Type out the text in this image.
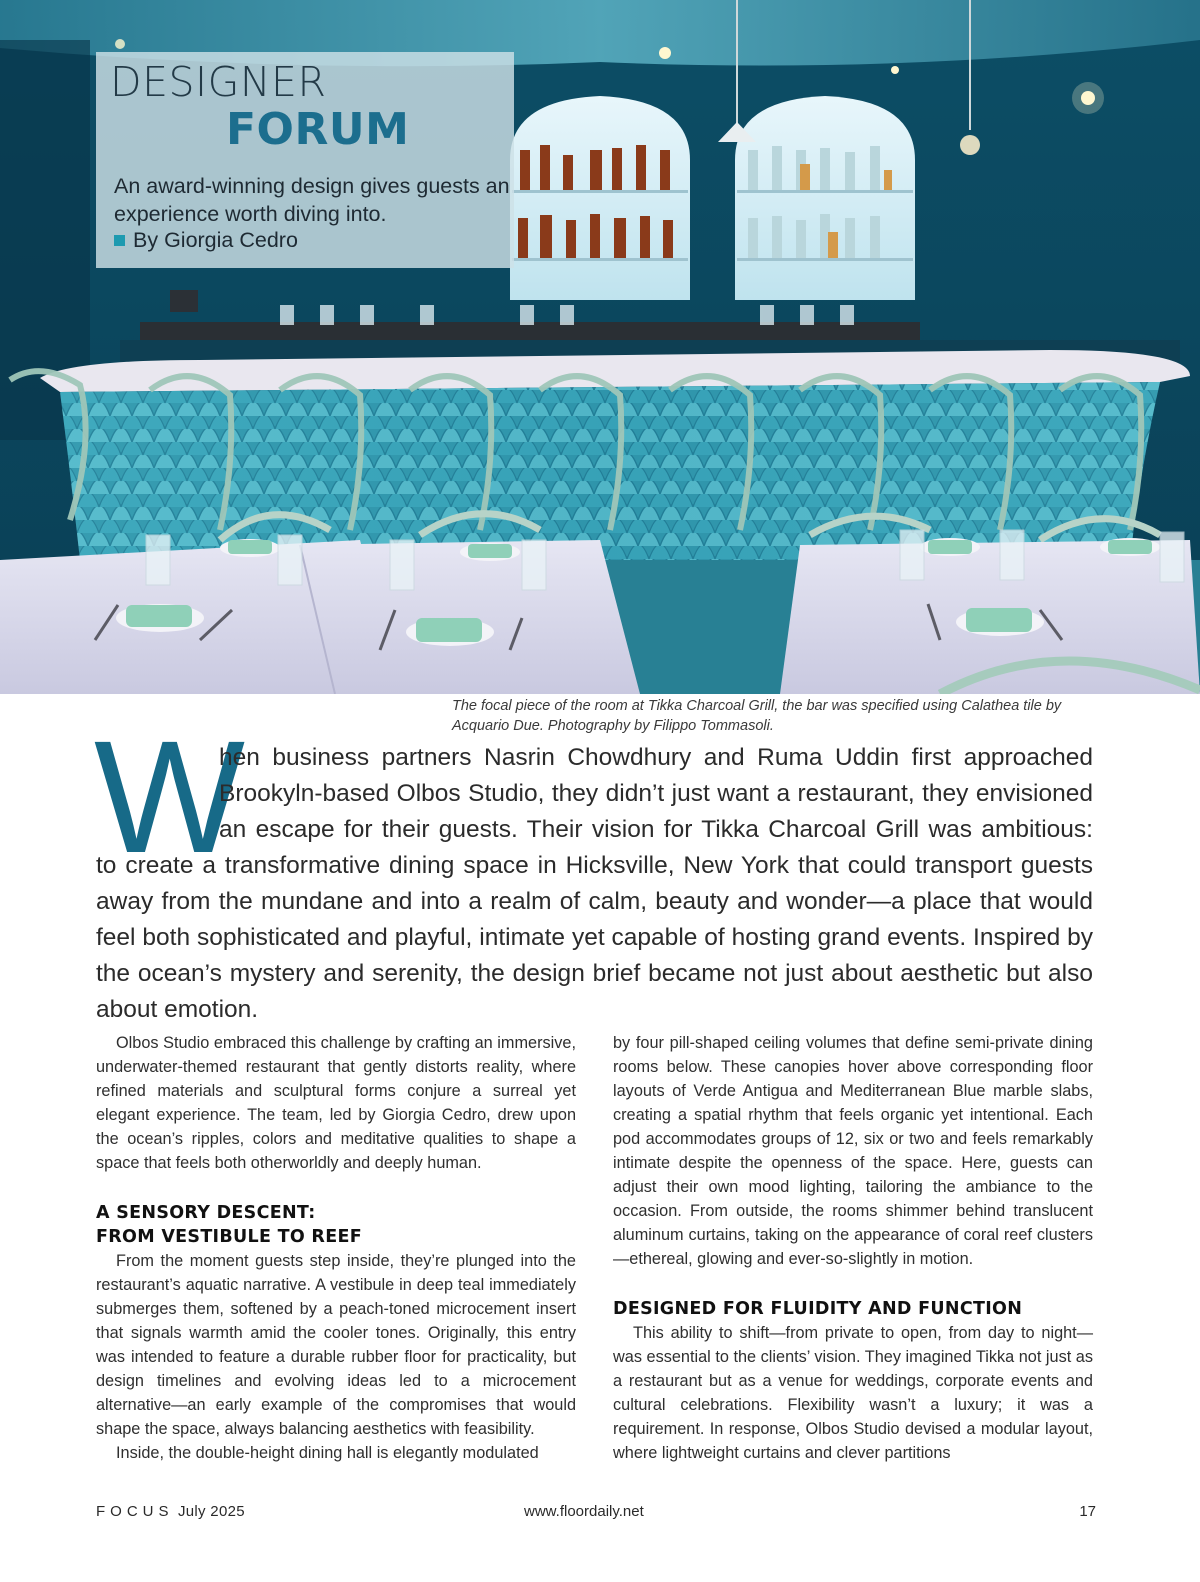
DESIGNER
FORUM
An award-winning design gives guests an experience worth diving into.
By Giorgia Cedro
The focal piece of the room at Tikka Charcoal Grill, the bar was specified using Calathea tile by Acquario Due. Photography by Filippo Tommasoli.
W
hen business partners Nasrin Chowdhury and Ruma Uddin first approached
Brookyln-based Olbos Studio, they didn’t just want a restaurant, they envisioned
an escape for their guests. Their vision for Tikka Charcoal Grill was ambitious:
to create a transformative dining space in Hicksville, New York that could transport guests
away from the mundane and into a realm of calm, beauty and wonder—a place that would
feel both sophisticated and playful, intimate yet capable of hosting grand events. Inspired by
the ocean’s mystery and serenity, the design brief became not just about aesthetic but also
about emotion.

Olbos Studio embraced this challenge by crafting an immersive, underwater-themed restaurant that gently distorts reality, where refined materials and sculptural forms conjure a surreal yet elegant experience. The team, led by Giorgia Cedro, drew upon the ocean’s ripples, colors and meditative qualities to shape a space that feels both otherworldly and deeply human.

A SENSORY DESCENT:
FROM VESTIBULE TO REEF

From the moment guests step inside, they’re plunged into the restaurant’s aquatic narrative. A vestibule in deep teal immediately submerges them, softened by a peach-toned microcement insert that signals warmth amid the cooler tones. Originally, this entry was intended to feature a durable rubber floor for practicality, but design timelines and evolving ideas led to a microcement alternative—an early example of the compromises that would shape the space, always balancing aesthetics with feasibility.

Inside, the double-height dining hall is elegantly modulated

by four pill-shaped ceiling volumes that define semi-private dining rooms below. These canopies hover above corresponding floor layouts of Verde Antigua and Mediterranean Blue marble slabs, creating a spatial rhythm that feels organic yet intentional. Each pod accommodates groups of 12, six or two and feels remarkably intimate despite the openness of the space. Here, guests can adjust their own mood lighting, tailoring the ambiance to the occasion. From outside, the rooms shimmer behind translucent aluminum curtains, taking on the appearance of coral reef clusters—ethereal, glowing and ever-so-slightly in motion.

DESIGNED FOR FLUIDITY AND FUNCTION

This ability to shift—from private to open, from day to night—was essential to the clients’ vision. They imagined Tikka not just as a restaurant but as a venue for weddings, corporate events and cultural celebrations. Flexibility wasn’t a luxury; it was a requirement. In response, Olbos Studio devised a modular layout, where lightweight curtains and clever partitions

FOCUS July 2025	www.floordaily.net	17
